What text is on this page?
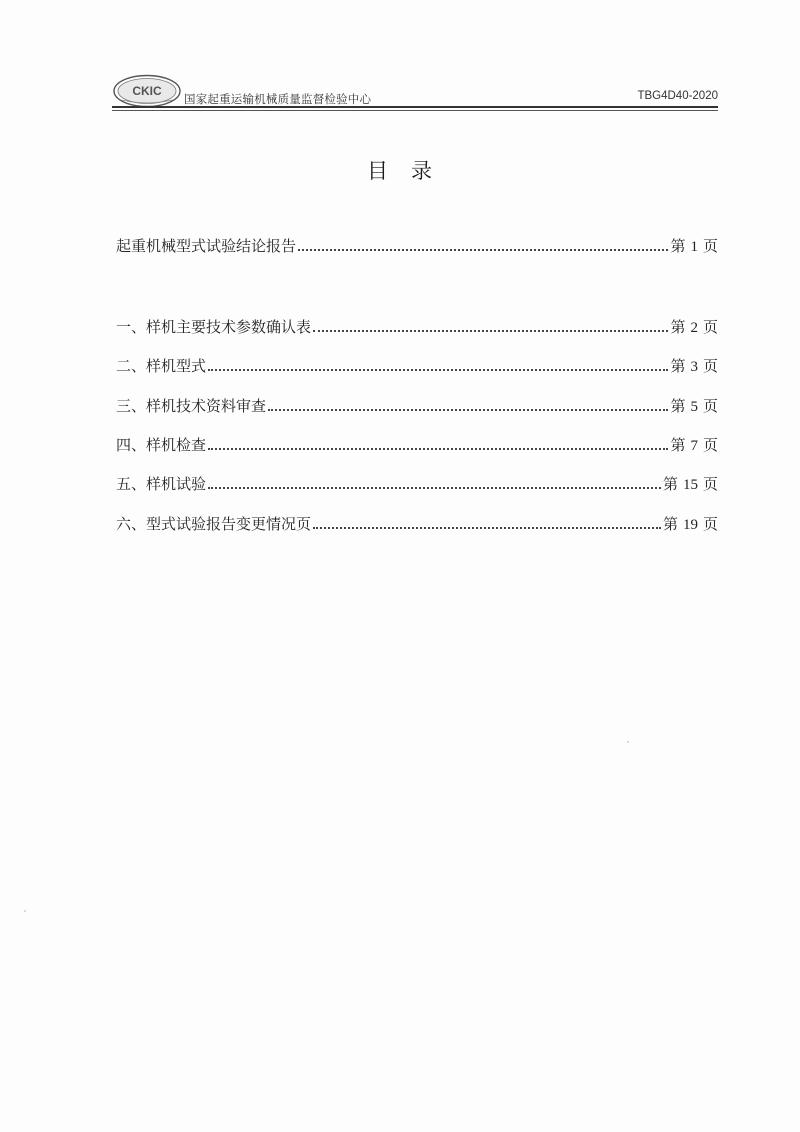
CKIC
国家起重运输机械质量监督检验中心	TBG4D40-2020
目 录
起重机械型式试验结论报告	第 1 页
一、样机主要技术参数确认表	第 2 页
二、样机型式	第 3 页
三、样机技术资料审查	第 5 页
四、样机检查	第 7 页
五、样机试验	第 15 页
六、型式试验报告变更情况页	第 19 页
